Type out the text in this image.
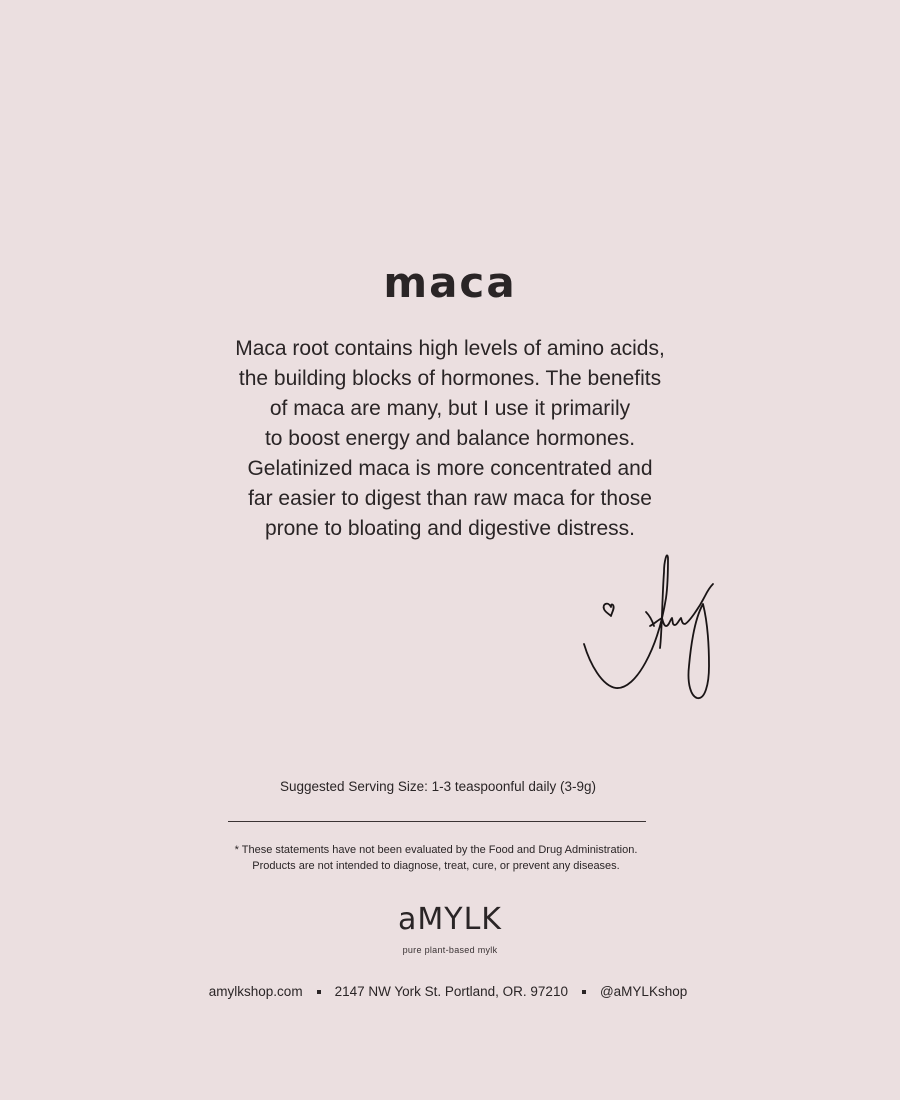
maca

Maca root contains high levels of amino acids,
the building blocks of hormones. The benefits
of maca are many, but I use it primarily
to boost energy and balance hormones.
Gelatinized maca is more concentrated and
far easier to digest than raw maca for those
prone to bloating and digestive distress.

Suggested Serving Size: 1-3 teaspoonful daily (3-9g)

* These statements have not been evaluated by the Food and Drug Administration.
Products are not intended to diagnose, treat, cure, or prevent any diseases.

aMYLK
pure plant-based mylk
amylkshop.com 2147 NW York St. Portland, OR. 97210 @aMYLKshop
